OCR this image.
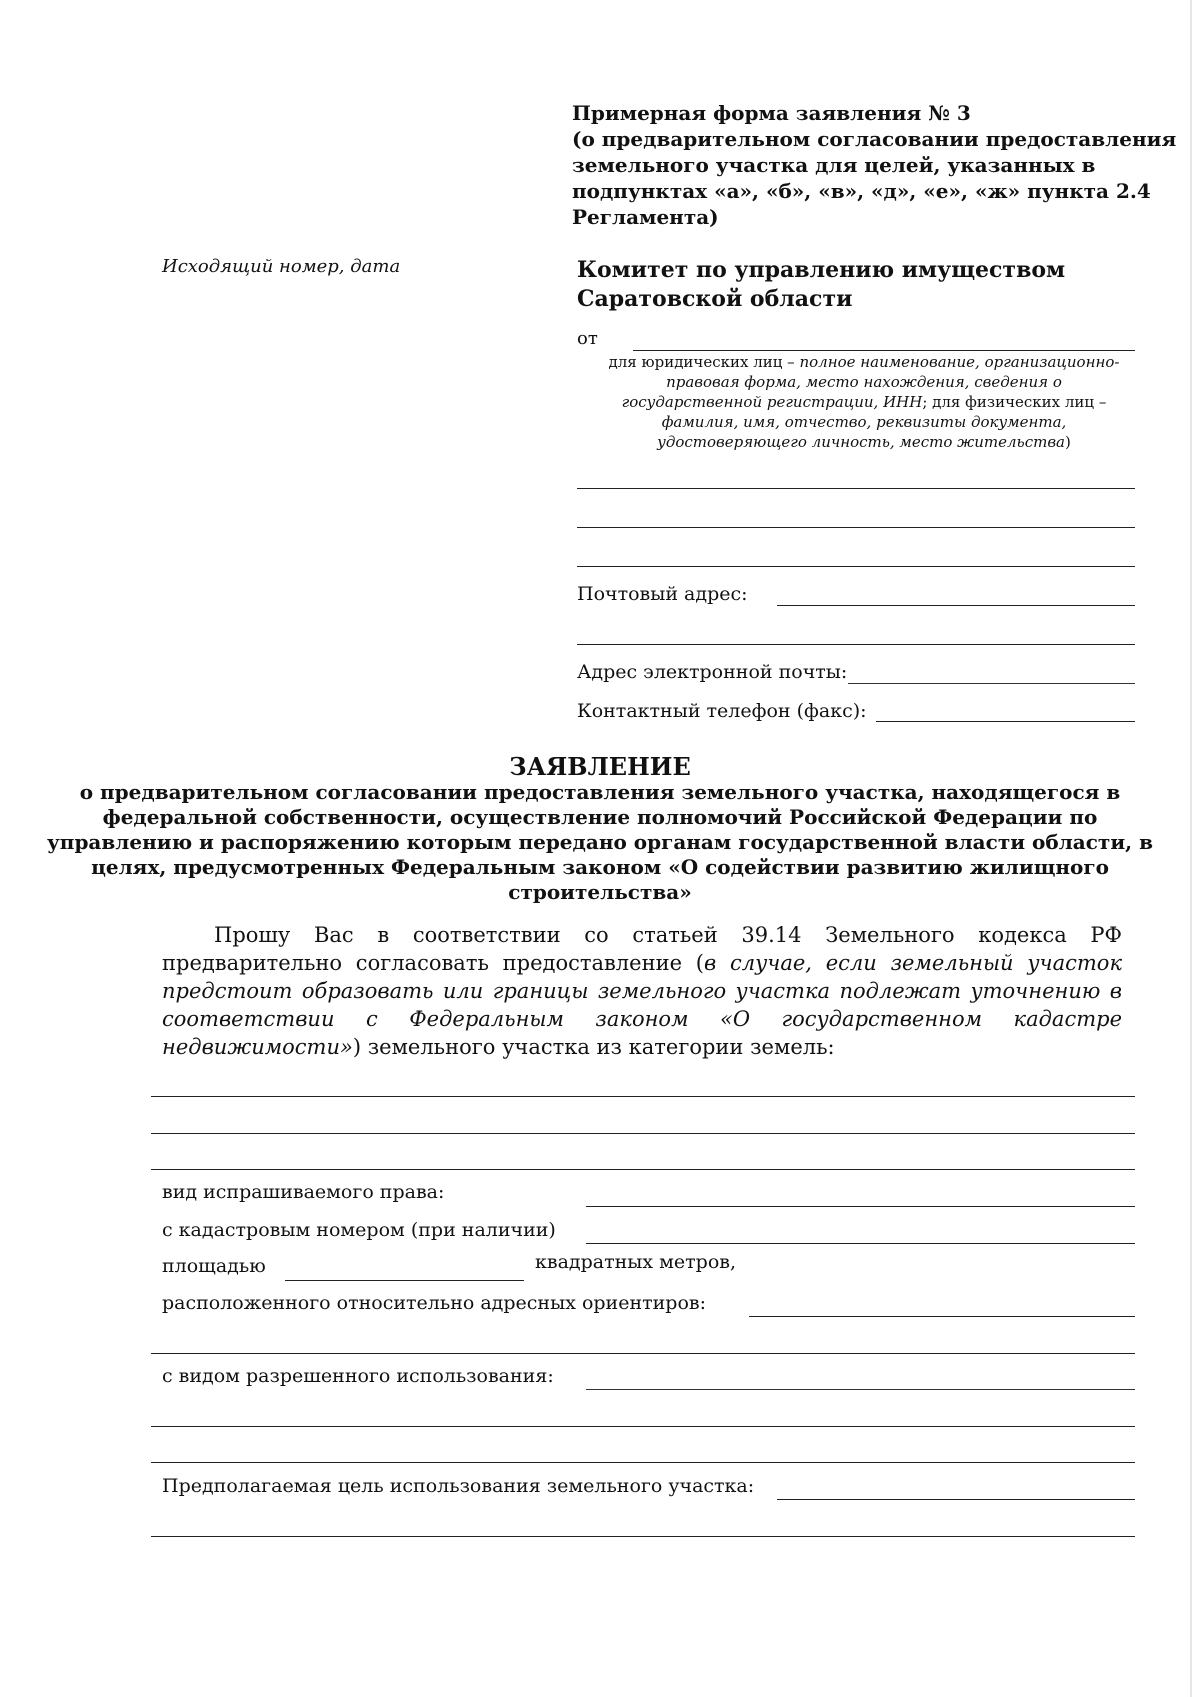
Примерная форма заявления № 3
(о предварительном согласовании предоставления
земельного участка для целей, указанных в
подпунктах «а», «б», «в», «д», «е», «ж» пункта 2.4
Регламента)
Исходящий номер, дата	Комитет по управлению имуществом
Саратовской области
от
для юридических лиц – полное наименование, организационно-правовая форма, место нахождения, сведения о государственной регистрации, ИНН; для физических лиц – фамилия, имя, отчество, реквизиты документа, удостоверяющего личность, место жительства)
Почтовый адрес:
Адрес электронной почты:
Контактный телефон (факс):
ЗАЯВЛЕНИЕ
о предварительном согласовании предоставления земельного участка, находящегося в
федеральной собственности, осуществление полномочий Российской Федерации по
управлению и распоряжению которым передано органам государственной власти области, в
целях, предусмотренных Федеральным законом «О содействии развитию жилищного
строительства»
Прошу Вас в соответствии со статьей 39.14 Земельного кодекса РФ предварительно согласовать предоставление (в случае, если земельный участок предстоит образовать или границы земельного участка подлежат уточнению в соответствии с Федеральным законом «О государственном кадастре недвижимости») земельного участка из категории земель:
вид испрашиваемого права:
с кадастровым номером (при наличии)
площадью	квадратных метров,
расположенного относительно адресных ориентиров:
с видом разрешенного использования:
Предполагаемая цель использования земельного участка:
